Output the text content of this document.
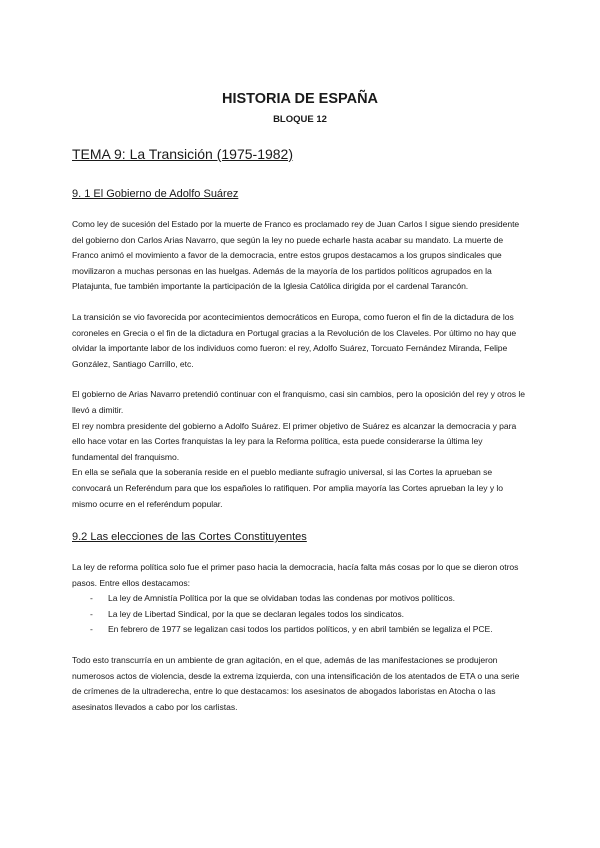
HISTORIA DE ESPAÑA
BLOQUE 12
TEMA 9: La Transición (1975-1982)
9. 1 El Gobierno de Adolfo Suárez

Como ley de sucesión del Estado por la muerte de Franco es proclamado rey de Juan Carlos I sigue siendo presidente del gobierno don Carlos Arias Navarro, que según la ley no puede echarle hasta acabar su mandato. La muerte de Franco animó el movimiento a favor de la democracia, entre estos grupos destacamos a los grupos sindicales que movilizaron a muchas personas en las huelgas. Además de la mayoría de los partidos políticos agrupados en la Platajunta, fue también importante la participación de la Iglesia Católica dirigida por el cardenal Tarancón.

La transición se vio favorecida por acontecimientos democráticos en Europa, como fueron el fin de la dictadura de los coroneles en Grecia o el fin de la dictadura en Portugal gracias a la Revolución de los Claveles. Por último no hay que olvidar la importante labor de los individuos como fueron: el rey, Adolfo Suárez, Torcuato Fernández Miranda, Felipe González, Santiago Carrillo, etc.

El gobierno de Arias Navarro pretendió continuar con el franquismo, casi sin cambios, pero la oposición del rey y otros le llevó a dimitir.

El rey nombra presidente del gobierno a Adolfo Suárez. El primer objetivo de Suárez es alcanzar la democracia y para ello hace votar en las Cortes franquistas la ley para la Reforma política, esta puede considerarse la última ley fundamental del franquismo.

En ella se señala que la soberanía reside en el pueblo mediante sufragio universal, si las Cortes la aprueban se convocará un Referéndum para que los españoles lo ratifiquen. Por amplia mayoría las Cortes aprueban la ley y lo mismo ocurre en el referéndum popular.

9.2 Las elecciones de las Cortes Constituyentes

La ley de reforma política solo fue el primer paso hacia la democracia, hacía falta más cosas por lo que se dieron otros pasos. Entre ellos destacamos:

- La ley de Amnistía Política por la que se olvidaban todas las condenas por motivos políticos.
- La ley de Libertad Sindical, por la que se declaran legales todos los sindicatos.
- En febrero de 1977 se legalizan casi todos los partidos políticos, y en abril también se legaliza el PCE.

Todo esto transcurría en un ambiente de gran agitación, en el que, además de las manifestaciones se produjeron numerosos actos de violencia, desde la extrema izquierda, con una intensificación de los atentados de ETA o una serie de crímenes de la ultraderecha, entre lo que destacamos: los asesinatos de abogados laboristas en Atocha o las asesinatos llevados a cabo por los carlistas.
